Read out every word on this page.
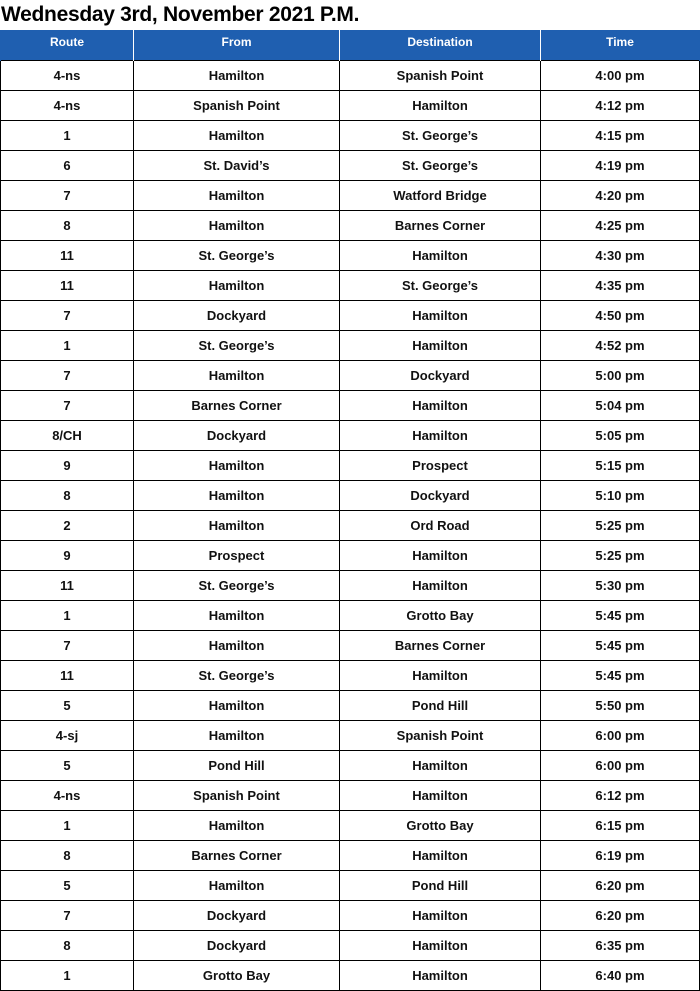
Wednesday 3rd, November 2021 P.M.
Route	From	Destination	Time
4-ns	Hamilton	Spanish Point	4:00 pm
4-ns	Spanish Point	Hamilton	4:12 pm
1	Hamilton	St. George’s	4:15 pm
6	St. David’s	St. George’s	4:19 pm
7	Hamilton	Watford Bridge	4:20 pm
8	Hamilton	Barnes Corner	4:25 pm
11	St. George’s	Hamilton	4:30 pm
11	Hamilton	St. George’s	4:35 pm
7	Dockyard	Hamilton	4:50 pm
1	St. George’s	Hamilton	4:52 pm
7	Hamilton	Dockyard	5:00 pm
7	Barnes Corner	Hamilton	5:04 pm
8/CH	Dockyard	Hamilton	5:05 pm
9	Hamilton	Prospect	5:15 pm
8	Hamilton	Dockyard	5:10 pm
2	Hamilton	Ord Road	5:25 pm
9	Prospect	Hamilton	5:25 pm
11	St. George’s	Hamilton	5:30 pm
1	Hamilton	Grotto Bay	5:45 pm
7	Hamilton	Barnes Corner	5:45 pm
11	St. George’s	Hamilton	5:45 pm
5	Hamilton	Pond Hill	5:50 pm
4-sj	Hamilton	Spanish Point	6:00 pm
5	Pond Hill	Hamilton	6:00 pm
4-ns	Spanish Point	Hamilton	6:12 pm
1	Hamilton	Grotto Bay	6:15 pm
8	Barnes Corner	Hamilton	6:19 pm
5	Hamilton	Pond Hill	6:20 pm
7	Dockyard	Hamilton	6:20 pm
8	Dockyard	Hamilton	6:35 pm
1	Grotto Bay	Hamilton	6:40 pm
